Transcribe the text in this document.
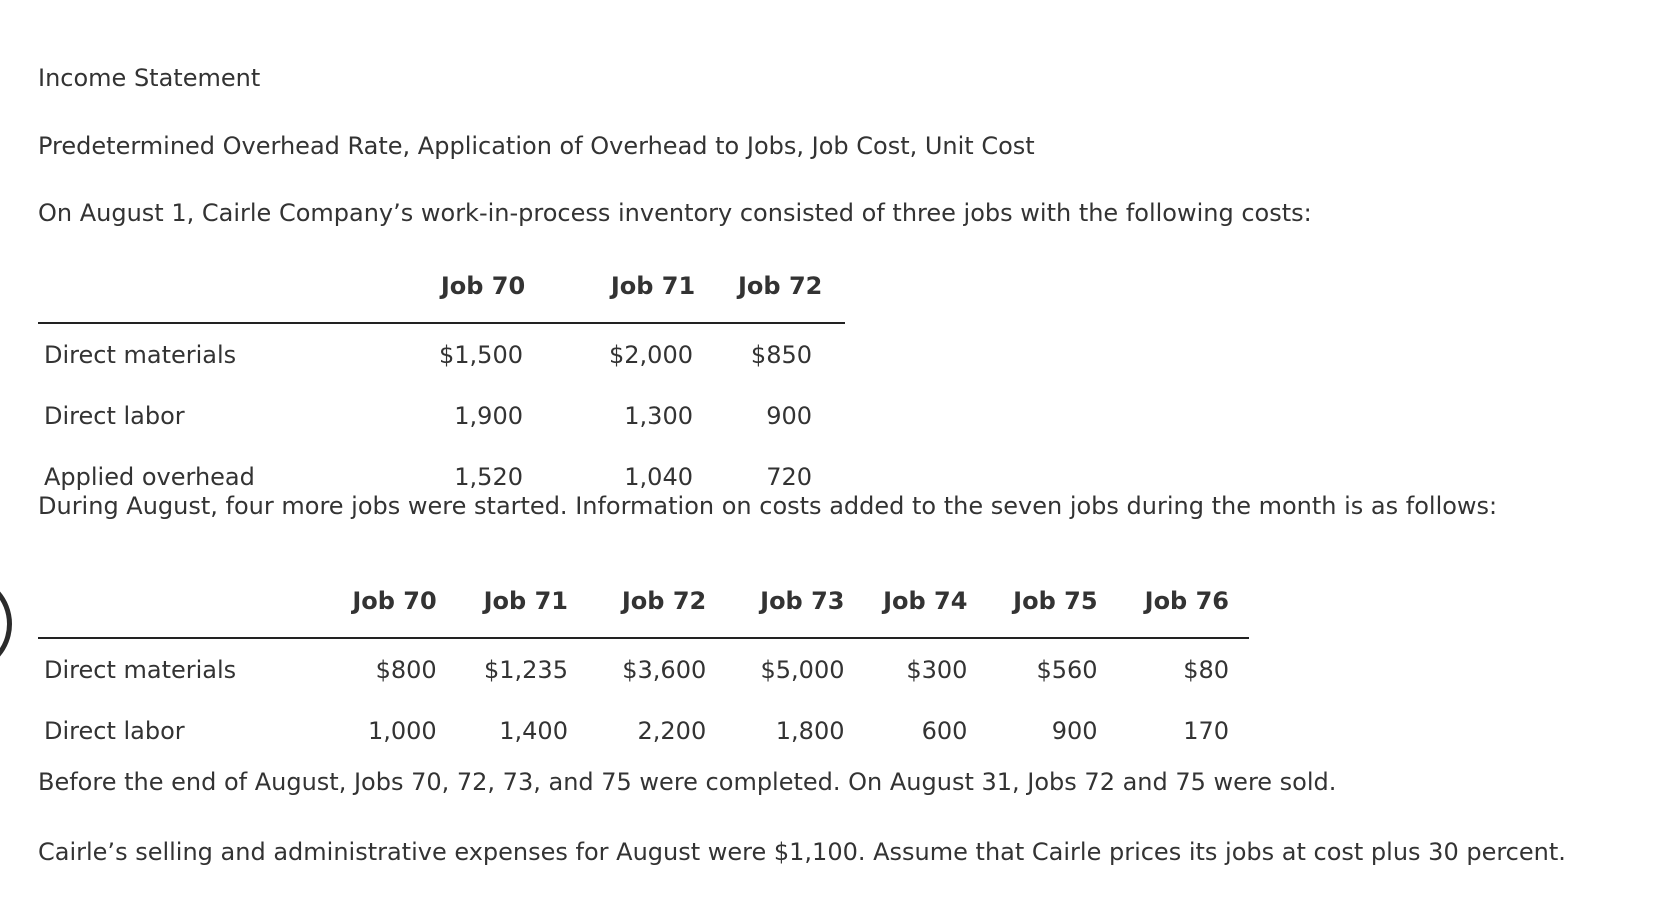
Income Statement

Predetermined Overhead Rate, Application of Overhead to Jobs, Job Cost, Unit Cost

On August 1, Cairle Company’s work-in-process inventory consisted of three jobs with the following costs:

	Job 70	Job 71	Job 72
Direct materials	$1,500	$2,000	$850
Direct labor	1,900	1,300	900
Applied overhead	1,520	1,040	720

During August, four more jobs were started. Information on costs added to the seven jobs during the month is as follows:

	Job 70	Job 71	Job 72	Job 73	Job 74	Job 75	Job 76
Direct materials	$800	$1,235	$3,600	$5,000	$300	$560	$80
Direct labor	1,000	1,400	2,200	1,800	600	900	170

Before the end of August, Jobs 70, 72, 73, and 75 were completed. On August 31, Jobs 72 and 75 were sold.

Cairle’s selling and administrative expenses for August were $1,100. Assume that Cairle prices its jobs at cost plus 30 percent.
